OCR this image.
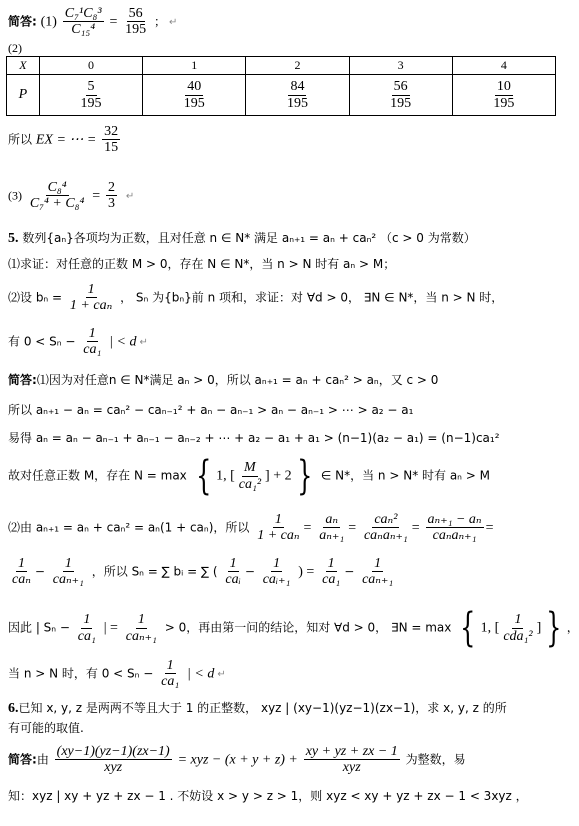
简答: $(1) \frac{\text{C₇¹C₈³}}{\text{C₁₅⁴}} = \frac{56}{195}$ ； ↵
(2)
X	0	1	2	3	4
P	$\frac{5}{195}$	$\frac{40}{195}$	$\frac{84}{195}$	$\frac{56}{195}$	$\frac{10}{195}$
所以 EX = ⋯ = $\frac{32}{15}$
$(3) \frac{\text{C₈⁴}}{\text{C₇⁴ + C₈⁴}} = \frac{2}{3}$ ↵
5. 数列{aₙ}各项均为正数，且对任意 n ∈ N* 满足 aₙ₊₁ = aₙ + caₙ² （c > 0 为常数）
⑴求证：对任意的正数 M > 0，存在 N ∈ N*，当 n > N 时有 aₙ > M；
⑵设 $b_n = \frac{1}{\text{1 + caₙ}}$ ， Sₙ 为{bₙ}前 n 项和，求证：对 ∀d > 0， ∃N ∈ N*，当 n > N 时，
有 $0 < S_n - \frac{1}{\text{ca₁}}$ | < d ↵
简答:⑴因为对任意n ∈ N*满足 aₙ > 0，所以 aₙ₊₁ = aₙ + caₙ² > aₙ，又 c > 0
所以 aₙ₊₁ − aₙ = caₙ² − caₙ₋₁² + aₙ − aₙ₋₁ > aₙ − aₙ₋₁ > ⋯ > a₂ − a₁
易得 aₙ = aₙ − aₙ₋₁ + aₙ₋₁ − aₙ₋₂ + ⋯ + a₂ − a₁ + a₁ > (n−1)(a₂ − a₁) = (n−1)ca₁²
故对任意正数 M，存在 N = max { 1, [ $\frac{M}{\text{ca₁²}}$ ] + 2 } ∈ N*，当 n > N* 时有 aₙ > M
⑵由 aₙ₊₁ = aₙ + caₙ² = aₙ(1 + caₙ)，所以 $\frac{1}{\text{1 + caₙ}} = \frac{\text{aₙ}}{\text{aₙ₊₁}} = \frac{\text{caₙ²}}{\text{caₙaₙ₊₁}} = \frac{\text{aₙ₊₁ − aₙ}}{\text{caₙaₙ₊₁}}$ =
$\frac{1}{\text{caₙ}} - \frac{1}{\text{caₙ₊₁}}$ ，所以 Sₙ = ∑ bᵢ = ∑ ( $\frac{1}{\text{caᵢ}} - \frac{1}{\text{caᵢ₊₁}}$ ) = $\frac{1}{\text{ca₁}} - \frac{1}{\text{caₙ₊₁}}$
因此 | $S_n - \frac{1}{\text{ca₁}}$ | = $\frac{1}{\text{caₙ₊₁}} > 0$，再由第一问的结论，知对 ∀d > 0， ∃N = max { 1, [ $\frac{1}{\text{cda₁²}}$ ] } ，
当 n > N 时，有 $0 < S_n - \frac{1}{\text{ca₁}}$ | < d ↵
6.已知 x, y, z 是两两不等且大于 1 的正整数， xyz | (xy−1)(yz−1)(zx−1)，求 x, y, z 的所
有可能的取值.
简答:由 $\frac{(xy-1)(yz-1)(zx-1)}{\text{xyz}}$ = xyz − $(x + y + z) + \frac{xy + yz + zx - 1}{\text{xyz}}$ 为整数，易
知：xyz | xy + yz + zx − 1 . 不妨设 x > y > z > 1，则 xyz < xy + yz + zx − 1 < 3xyz ，
